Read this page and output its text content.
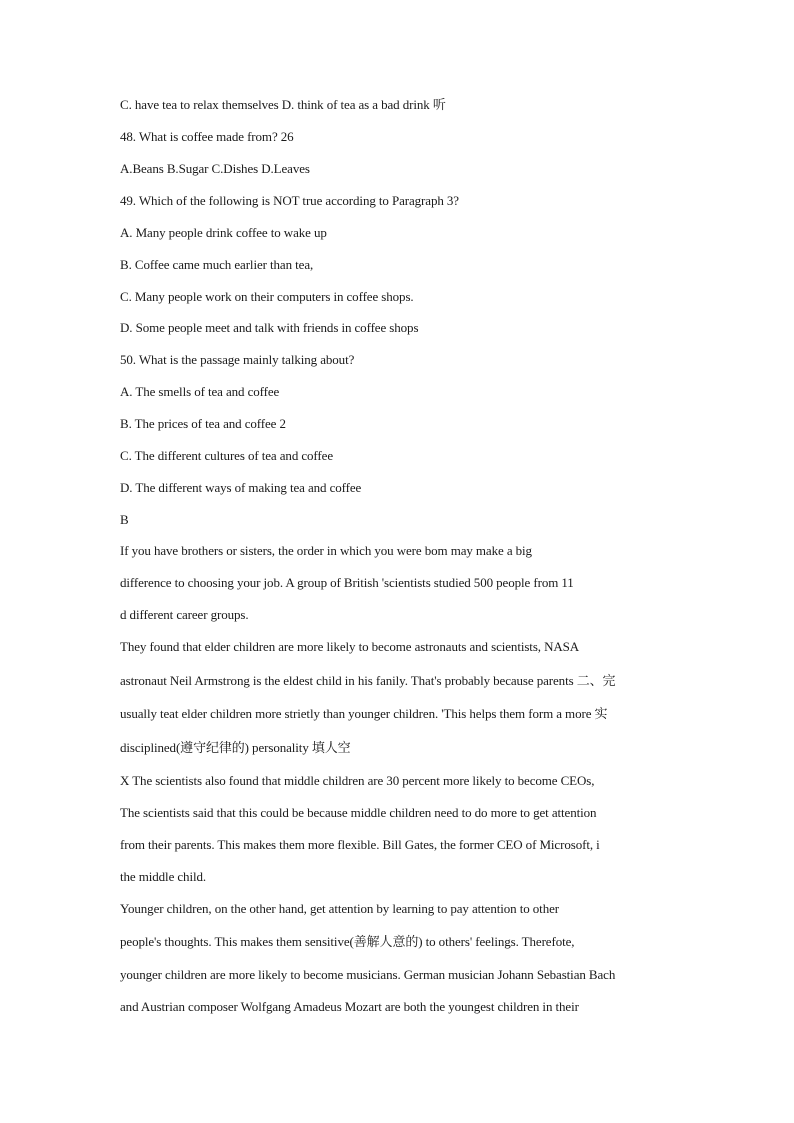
C. have tea to relax themselves D. think of tea as a bad drink 听
48. What is coffee made from? 26
A.Beans B.Sugar C.Dishes D.Leaves
49. Which of the following is NOT true according to Paragraph 3?
A. Many people drink coffee to wake up
B. Coffee came much earlier than tea,
C. Many people work on their computers in coffee shops.
D. Some people meet and talk with friends in coffee shops
50. What is the passage mainly talking about?
A. The smells of tea and coffee
B. The prices of tea and coffee 2
C. The different cultures of tea and coffee
D. The different ways of making tea and coffee
B
If you have brothers or sisters, the order in which you were bom may make a big
difference to choosing your job. A group of British 'scientists studied 500 people from 11
d different career groups.
They found that elder children are more likely to become astronauts and scientists, NASA
astronaut Neil Armstrong is the eldest child in his fanily. That's probably because parents 二、完
usually teat elder children more strietly than younger children. 'This helps them form a more 实
disciplined(遵守纪律的) personality 填人空
X The scientists also found that middle children are 30 percent more likely to become CEOs,
The scientists said that this could be because middle children need to do more to get attention
from their parents. This makes them more flexible. Bill Gates, the former CEO of Microsoft, i
the middle child.
Younger children, on the other hand, get attention by learning to pay attention to other
people's thoughts. This makes them sensitive(善解人意的) to others' feelings. Therefote,
younger children are more likely to become musicians. German musician Johann Sebastian Bach
and Austrian composer Wolfgang Amadeus Mozart are both the youngest children in their
